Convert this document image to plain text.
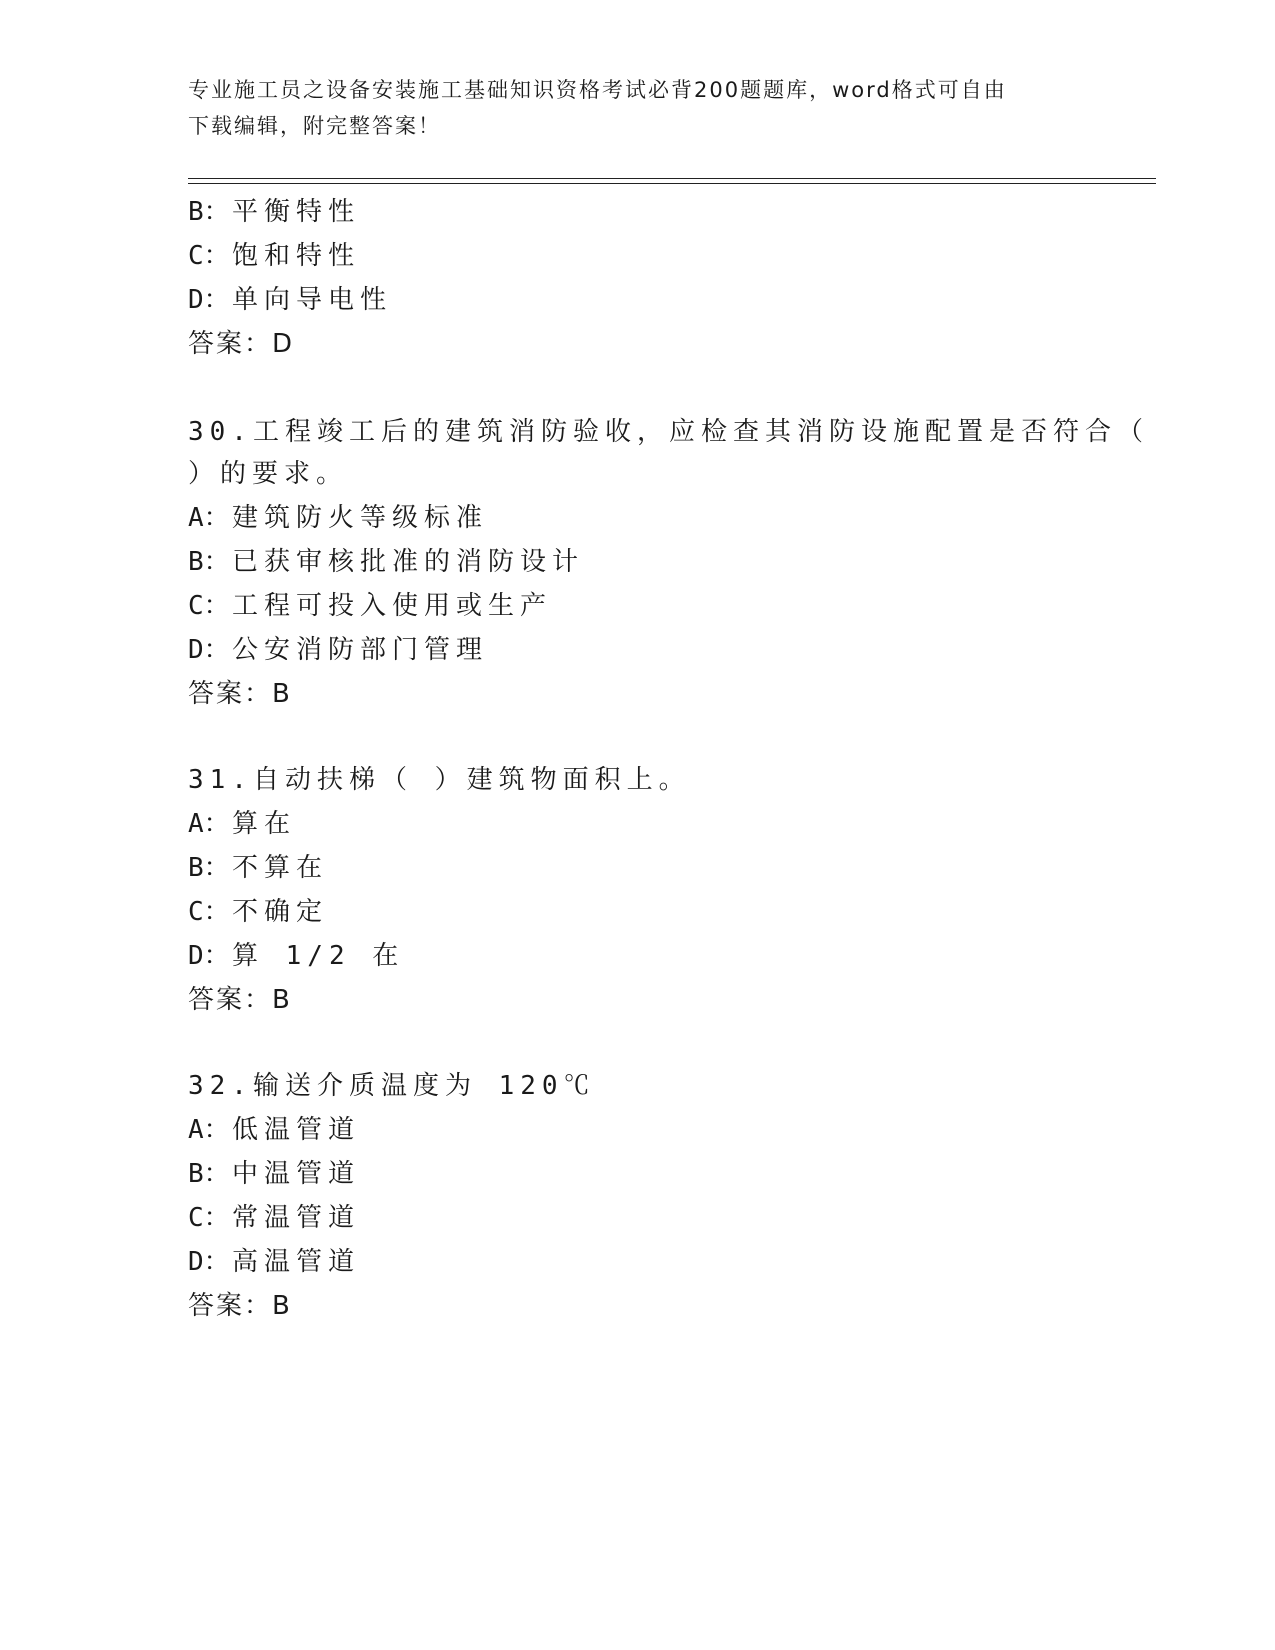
专业施工员之设备安装施工基础知识资格考试必背200题题库，word格式可自由
下载编辑，附完整答案！
B：平衡特性
C：饱和特性
D：单向导电性
答案：D
30.工程竣工后的建筑消防验收，应检查其消防设施配置是否符合（
）的要求。
A：建筑防火等级标准
B：已获审核批准的消防设计
C：工程可投入使用或生产
D：公安消防部门管理
答案：B
31.自动扶梯（ ）建筑物面积上。
A：算在
B：不算在
C：不确定
D：算 1/2 在
答案：B
32.输送介质温度为 120℃
A：低温管道
B：中温管道
C：常温管道
D：高温管道
答案：B
